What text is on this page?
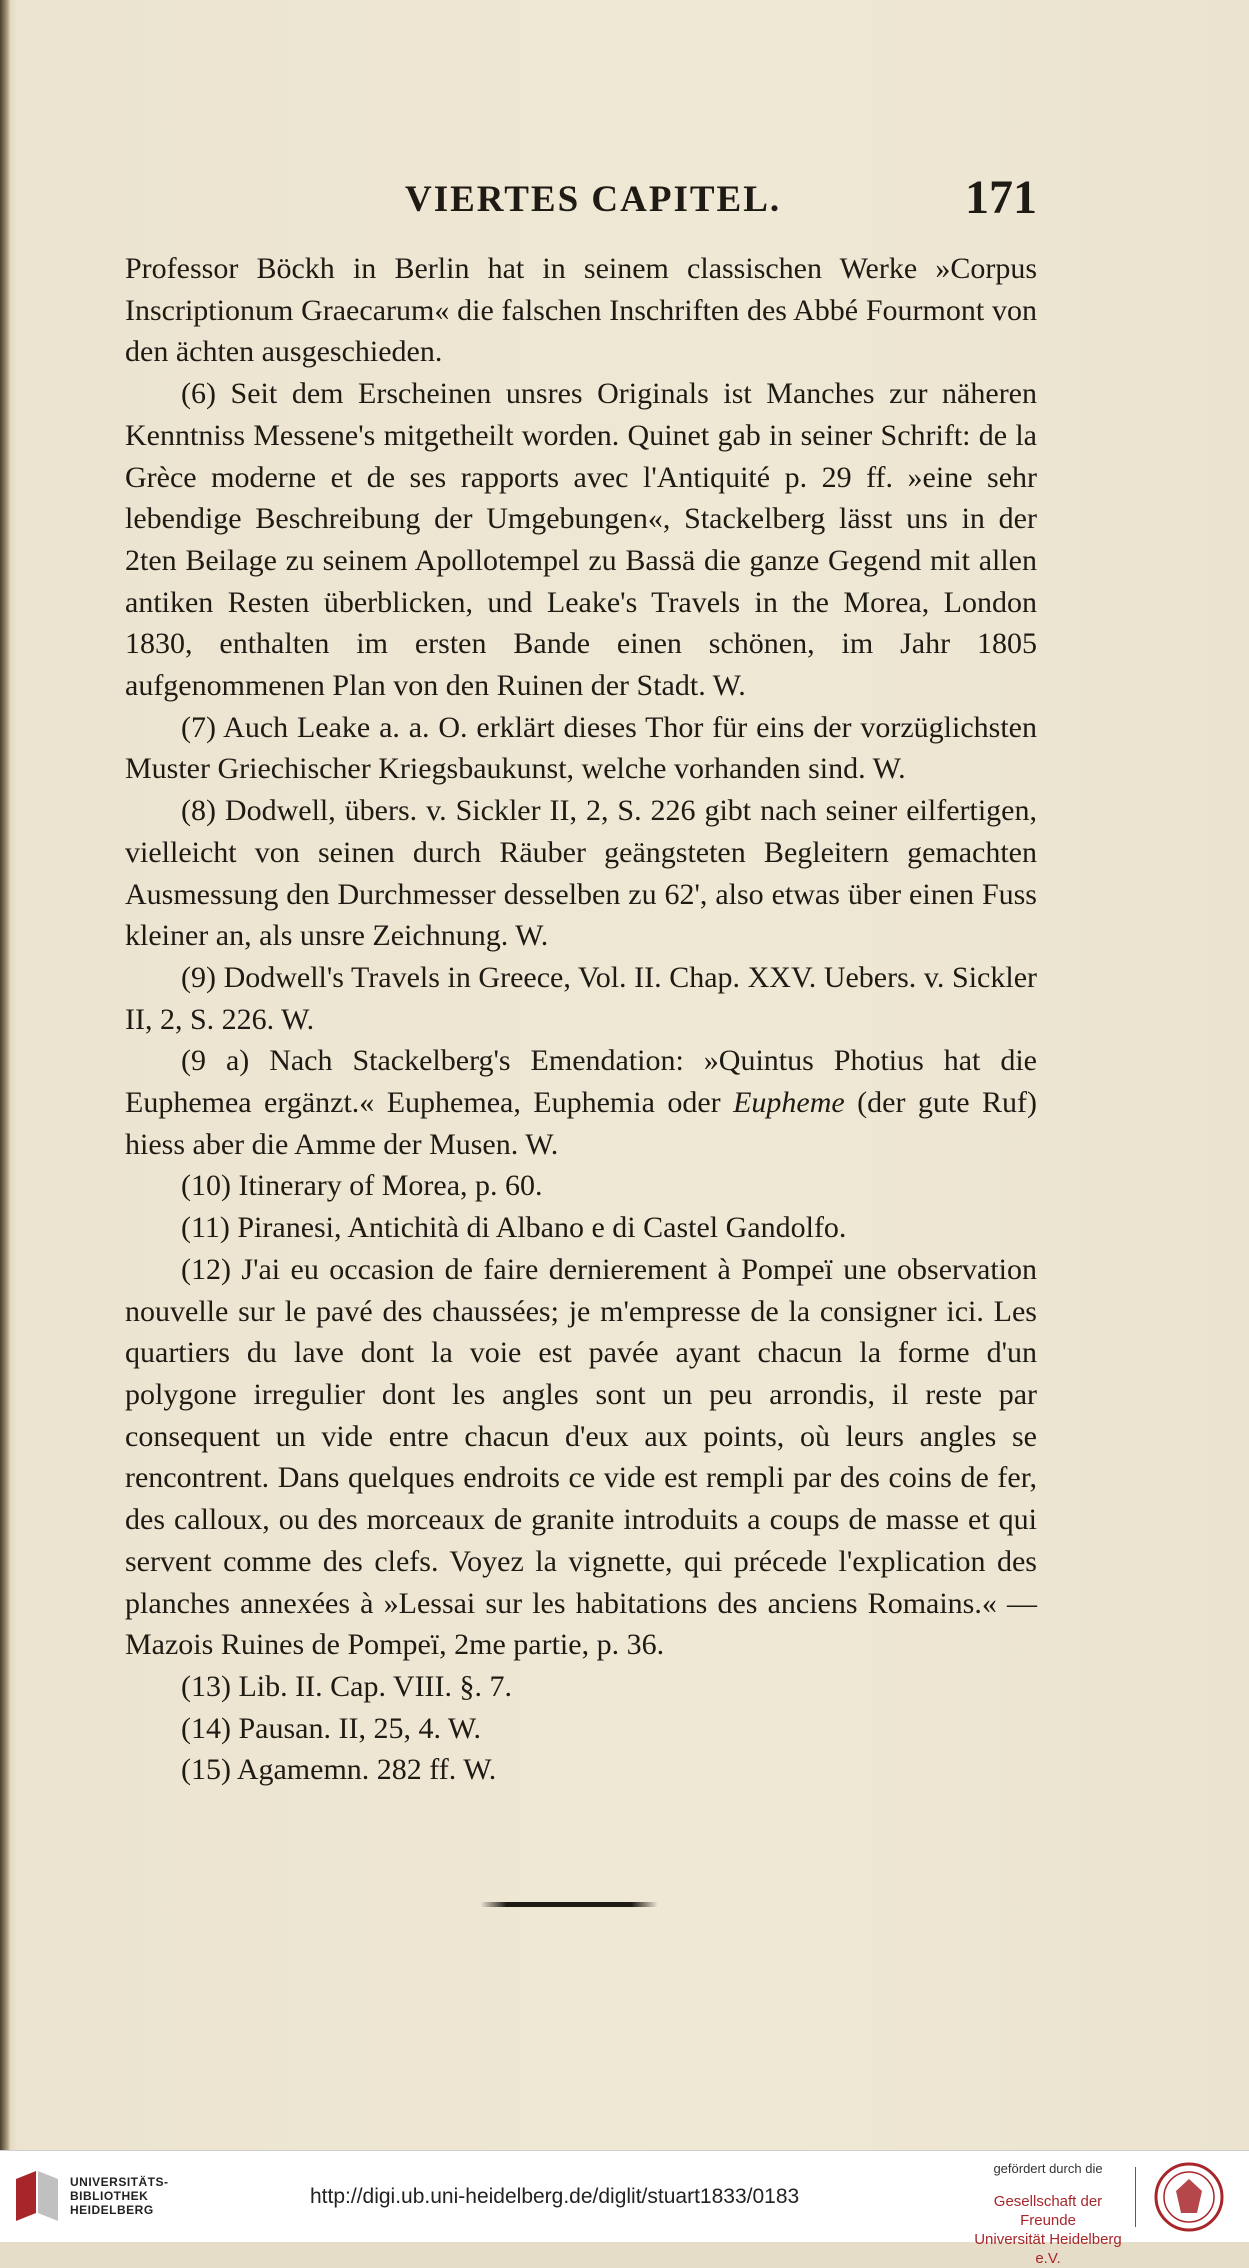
VIERTES CAPITEL.	171

Professor Böckh in Berlin hat in seinem classischen Werke »Corpus Inscriptionum Graecarum« die falschen Inschriften des Abbé Fourmont von den ächten ausgeschieden.

(6) Seit dem Erscheinen unsres Originals ist Manches zur näheren Kenntniss Messene's mitgetheilt worden. Quinet gab in seiner Schrift: de la Grèce moderne et de ses rapports avec l'Antiquité p. 29 ff. »eine sehr lebendige Beschreibung der Umgebungen«, Stackelberg lässt uns in der 2ten Beilage zu seinem Apollotempel zu Bassä die ganze Gegend mit allen antiken Resten überblicken, und Leake's Travels in the Morea, London 1830, enthalten im ersten Bande einen schönen, im Jahr 1805 aufgenommenen Plan von den Ruinen der Stadt. W.

(7) Auch Leake a. a. O. erklärt dieses Thor für eins der vorzüglichsten Muster Griechischer Kriegsbaukunst, welche vorhanden sind. W.

(8) Dodwell, übers. v. Sickler II, 2, S. 226 gibt nach seiner eilfertigen, vielleicht von seinen durch Räuber geängsteten Begleitern gemachten Ausmessung den Durchmesser desselben zu 62', also etwas über einen Fuss kleiner an, als unsre Zeichnung. W.

(9) Dodwell's Travels in Greece, Vol. II. Chap. XXV. Uebers. v. Sickler II, 2, S. 226. W.

(9 a) Nach Stackelberg's Emendation: »Quintus Photius hat die Euphemea ergänzt.« Euphemea, Euphemia oder Eupheme (der gute Ruf) hiess aber die Amme der Musen. W.

(10) Itinerary of Morea, p. 60.

(11) Piranesi, Antichità di Albano e di Castel Gandolfo.

(12) J'ai eu occasion de faire dernierement à Pompeï une observation nouvelle sur le pavé des chaussées; je m'empresse de la consigner ici. Les quartiers du lave dont la voie est pavée ayant chacun la forme d'un polygone irregulier dont les angles sont un peu arrondis, il reste par consequent un vide entre chacun d'eux aux points, où leurs angles se rencontrent. Dans quelques endroits ce vide est rempli par des coins de fer, des calloux, ou des morceaux de granite introduits a coups de masse et qui servent comme des clefs. Voyez la vignette, qui précede l'explication des planches annexées à »Lessai sur les habitations des anciens Romains.« — Mazois Ruines de Pompeï, 2me partie, p. 36.

(13) Lib. II. Cap. VIII. §. 7.

(14) Pausan. II, 25, 4. W.

(15) Agamemn. 282 ff. W.

UNIVERSITÄTS-
BIBLIOTHEK
HEIDELBERG
http://digi.ub.uni-heidelberg.de/diglit/stuart1833/0183
gefördert durch die
Gesellschaft der Freunde
Universität Heidelberg e.V.
